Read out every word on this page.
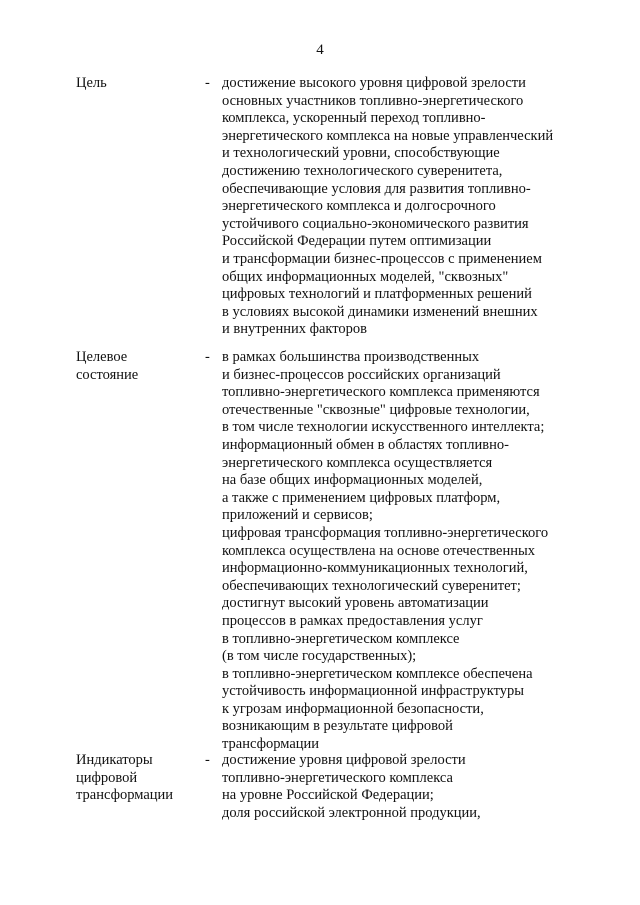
4
Цель	- достижение высокого уровня цифровой зрелости
основных участников топливно-энергетического
комплекса, ускоренный переход топливно-
энергетического комплекса на новые управленческий
и технологический уровни, способствующие
достижению технологического суверенитета,
обеспечивающие условия для развития топливно-
энергетического комплекса и долгосрочного
устойчивого социально-экономического развития
Российской Федерации путем оптимизации
и трансформации бизнес-процессов с применением
общих информационных моделей, "сквозных"
цифровых технологий и платформенных решений
в условиях высокой динамики изменений внешних
и внутренних факторов
Целевое
состояние
- в рамках большинства производственных
и бизнес-процессов российских организаций
топливно-энергетического комплекса применяются
отечественные "сквозные" цифровые технологии,
в том числе технологии искусственного интеллекта;
информационный обмен в областях топливно-
энергетического комплекса осуществляется
на базе общих информационных моделей,
а также с применением цифровых платформ,
приложений и сервисов;
цифровая трансформация топливно-энергетического
комплекса осуществлена на основе отечественных
информационно-коммуникационных технологий,
обеспечивающих технологический суверенитет;
достигнут высокий уровень автоматизации
процессов в рамках предоставления услуг
в топливно-энергетическом комплексе
(в том числе государственных);
в топливно-энергетическом комплексе обеспечена
устойчивость информационной инфраструктуры
к угрозам информационной безопасности,
возникающим в результате цифровой
трансформации
Индикаторы
цифровой
трансформации
- достижение уровня цифровой зрелости
топливно-энергетического комплекса
на уровне Российской Федерации;
доля российской электронной продукции,
